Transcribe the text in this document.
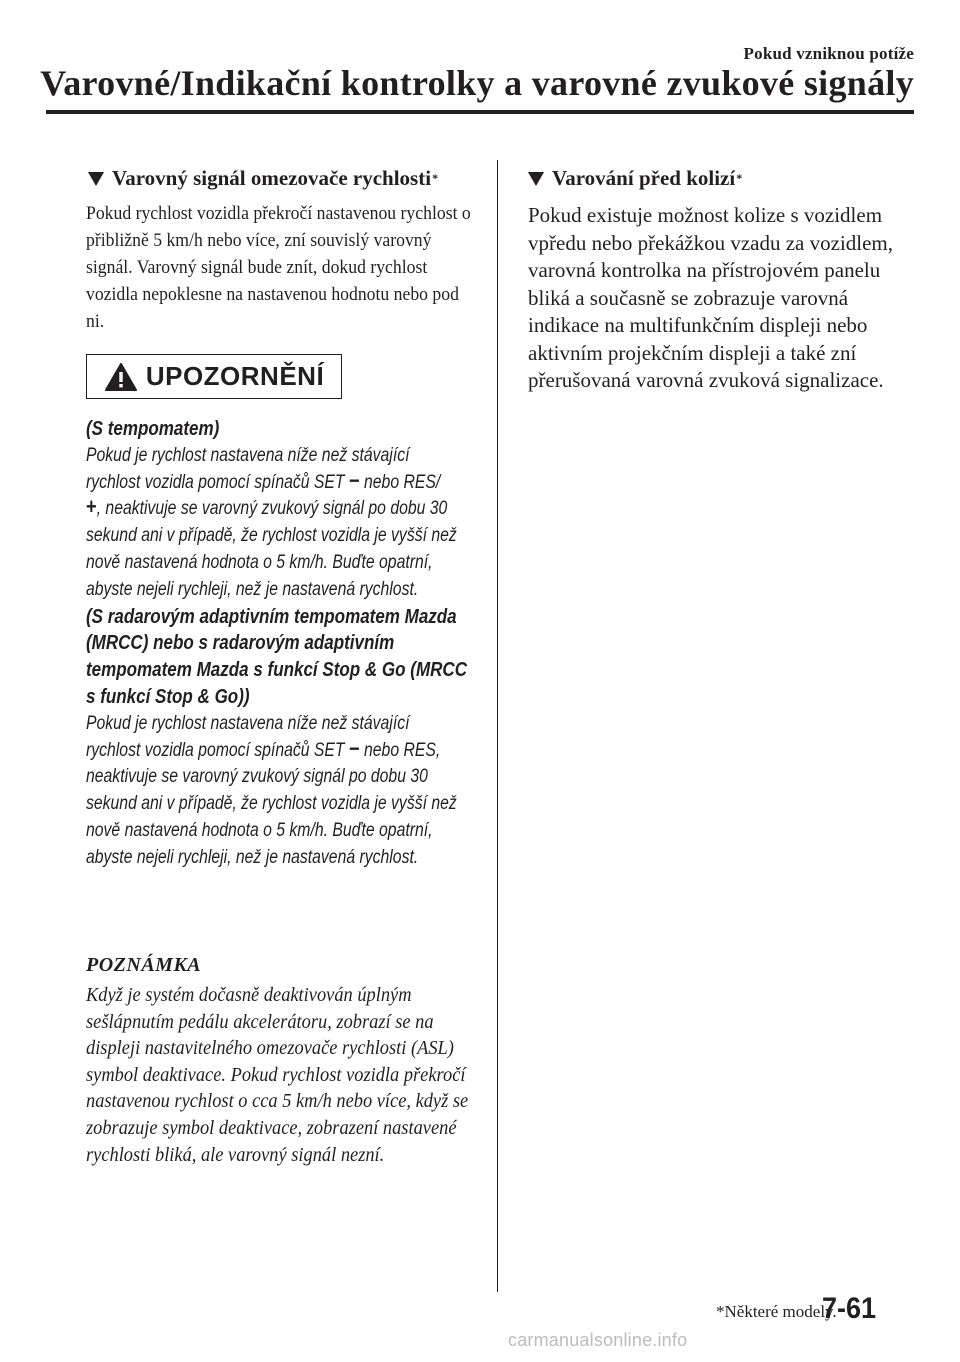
Pokud vzniknou potíže
Varovné/Indikační kontrolky a varovné zvukové signály
Varovný signál omezovače rychlosti *

Pokud rychlost vozidla překročí nastavenou rychlost o přibližně 5 km/h nebo více, zní souvislý varovný signál. Varovný signál bude znít, dokud rychlost vozidla nepoklesne na nastavenou hodnotu nebo pod ni.

UPOZORNĚNÍ

(S tempomatem)

Pokud je rychlost nastavena níže než stávající rychlost vozidla pomocí spínačů SET − nebo RES/
+, neaktivuje se varovný zvukový signál po dobu 30 sekund ani v případě, že rychlost vozidla je vyšší než nově nastavená hodnota o 5 km/h. Buďte opatrní, abyste nejeli rychleji, než je nastavená rychlost.

(S radarovým adaptivním tempomatem Mazda (MRCC) nebo s radarovým adaptivním tempomatem Mazda s funkcí Stop & Go (MRCC s funkcí Stop & Go))

Pokud je rychlost nastavena níže než stávající rychlost vozidla pomocí spínačů SET − nebo RES, neaktivuje se varovný zvukový signál po dobu 30 sekund ani v případě, že rychlost vozidla je vyšší než nově nastavená hodnota o 5 km/h. Buďte opatrní, abyste nejeli rychleji, než je nastavená rychlost.

POZNÁMKA

Když je systém dočasně deaktivován úplným sešlápnutím pedálu akcelerátoru, zobrazí se na displeji nastavitelného omezovače rychlosti (ASL) symbol deaktivace. Pokud rychlost vozidla překročí nastavenou rychlost o cca 5 km/h nebo více, když se zobrazuje symbol deaktivace, zobrazení nastavené rychlosti bliká, ale varovný signál nezní.

Varování před kolizí *

Pokud existuje možnost kolize s vozidlem vpředu nebo překážkou vzadu za vozidlem, varovná kontrolka na přístrojovém panelu bliká a současně se zobrazuje varovná indikace na multifunkčním displeji nebo aktivním projekčním displeji a také zní přerušovaná varovná zvuková signalizace.

*Některé modely.
7-61
carmanualsonline.info
